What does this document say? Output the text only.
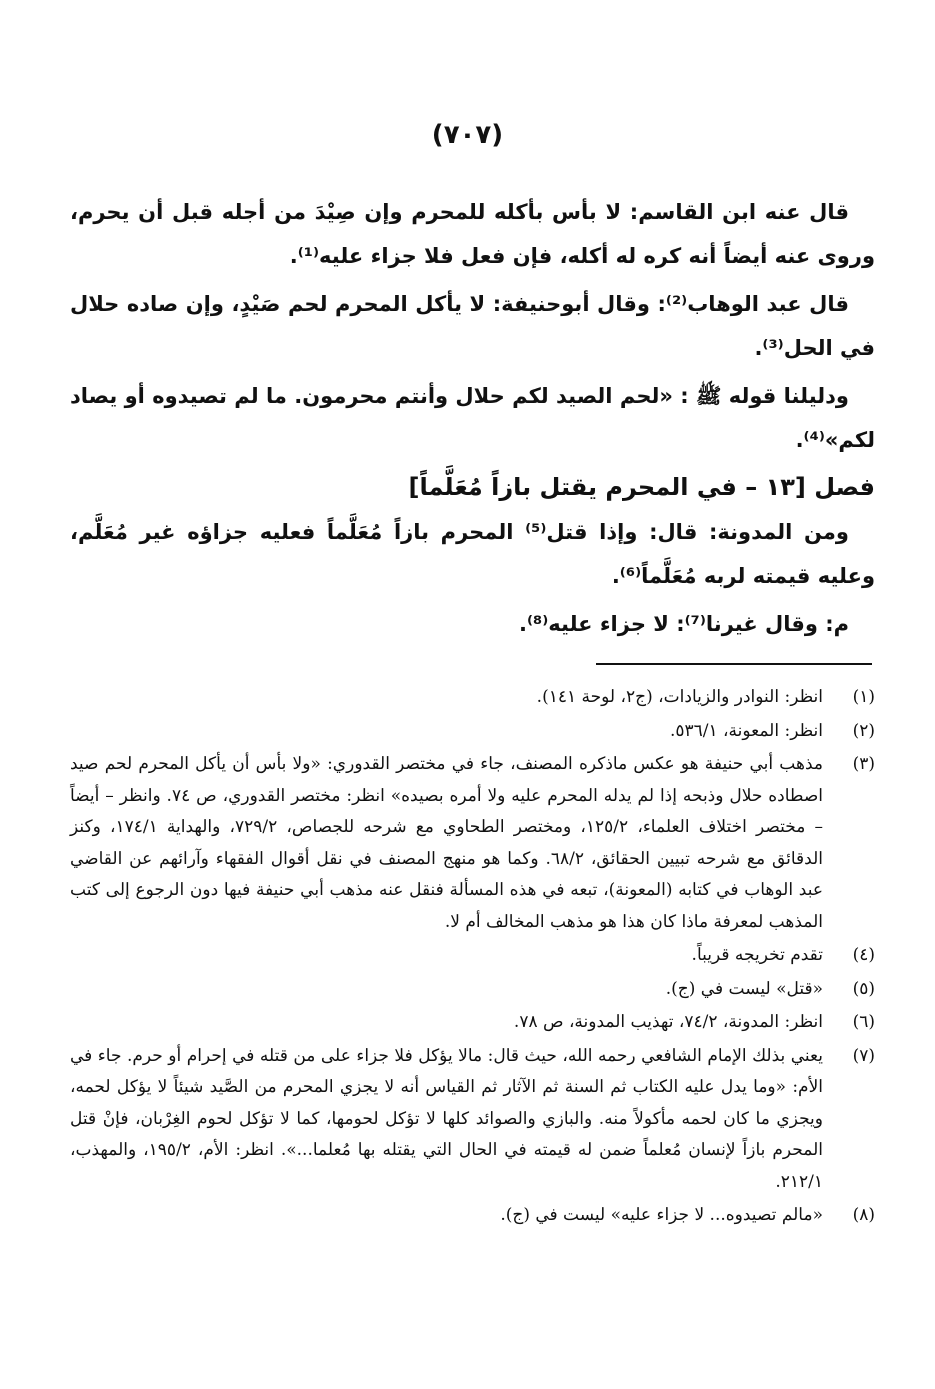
(٧٠٧)

قال عنه ابن القاسم: لا بأس بأكله للمحرم وإن صِيْدَ من أجله قبل أن يحرم، وروى عنه أيضاً أنه كره له أكله، فإن فعل فلا جزاء عليه⁽¹⁾.

قال عبد الوهاب⁽²⁾: وقال أبوحنيفة: لا يأكل المحرم لحم صَيْدٍ، وإن صاده حلال في الحل⁽³⁾.

ودليلنا قوله ﷺ : «لحم الصيد لكم حلال وأنتم محرمون. ما لم تصيدوه أو يصاد لكم»⁽⁴⁾.

فصل [١٣ – في المحرم يقتل بازاً مُعَلَّماً]

ومن المدونة: قال: وإذا قتل⁽⁵⁾ المحرم بازاً مُعَلَّماً فعليه جزاؤه غير مُعَلَّم، وعليه قيمته لربه مُعَلَّماً⁽⁶⁾.

م: وقال غيرنا⁽⁷⁾: لا جزاء عليه⁽⁸⁾.

(١)
انظر: النوادر والزيادات، (ج٢، لوحة ١٤١).
(٢)
انظر: المعونة، ٥٣٦/١.
(٣)
مذهب أبي حنيفة هو عكس ماذكره المصنف، جاء في مختصر القدوري: «ولا بأس أن يأكل المحرم لحم صيد اصطاده حلال وذبحه إذا لم يدله المحرم عليه ولا أمره بصيده» انظر: مختصر القدوري، ص ٧٤. وانظر – أيضاً – مختصر اختلاف العلماء، ١٢٥/٢، ومختصر الطحاوي مع شرحه للجصاص، ٧٢٩/٢، والهداية ١٧٤/١، وكنز الدقائق مع شرحه تبيين الحقائق، ٦٨/٢. وكما هو منهج المصنف في نقل أقوال الفقهاء وآرائهم عن القاضي عبد الوهاب في كتابه (المعونة)، تبعه في هذه المسألة فنقل عنه مذهب أبي حنيفة فيها دون الرجوع إلى كتب المذهب لمعرفة ماذا كان هذا هو مذهب المخالف أم لا.
(٤)
تقدم تخريجه قريباً.
(٥)
«قتل» ليست في (ج).
(٦)
انظر: المدونة، ٧٤/٢، تهذيب المدونة، ص ٧٨.
(٧)
يعني بذلك الإمام الشافعي رحمه الله، حيث قال: مالا يؤكل فلا جزاء على من قتله في إحرام أو حرم. جاء في الأم: «وما يدل عليه الكتاب ثم السنة ثم الآثار ثم القياس أنه لا يجزي المحرم من الصَّيد شيئاً لا يؤكل لحمه، ويجزي ما كان لحمه مأكولاً منه. والبازي والصوائد كلها لا تؤكل لحومها، كما لا تؤكل لحوم الغِرْبان، فإنْ قتل المحرم بازاً لإنسان مُعلماً ضمن له قيمته في الحال التي يقتله بها مُعلما...». انظر: الأم، ١٩٥/٢، والمهذب، ٢١٢/١.
(٨)
«مالم تصيدوه... لا جزاء عليه» ليست في (ج).
